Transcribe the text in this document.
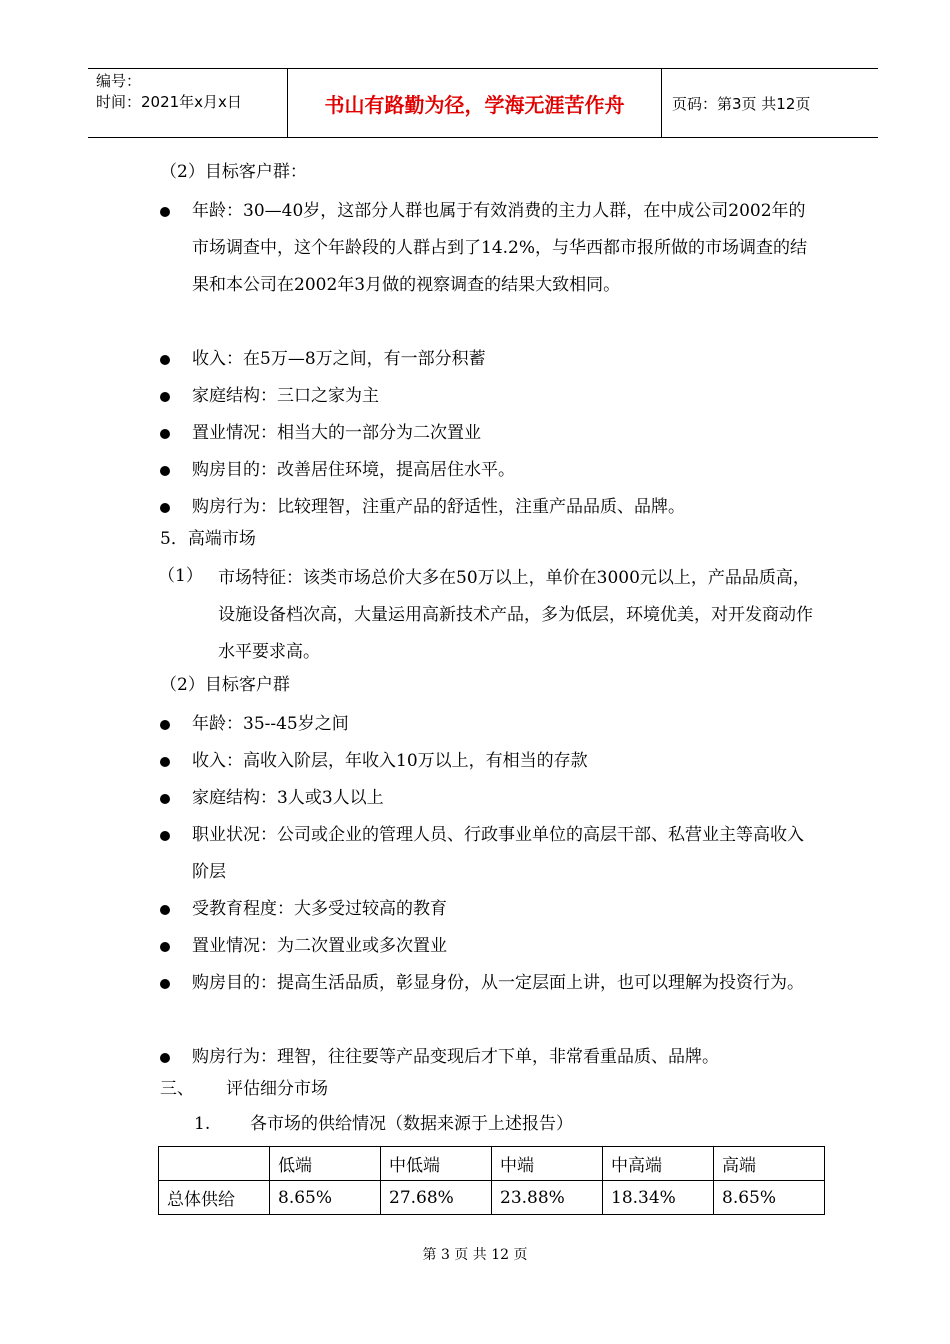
编号：
时间：2021年x月x日	书山有路勤为径，学海无涯苦作舟	页码：第3页 共12页
（2）目标客户群：
年龄：30—40岁，这部分人群也属于有效消费的主力人群，在中成公司2002年的市场调查中，这个年龄段的人群占到了14.2%，与华西都市报所做的市场调查的结果和本公司在2002年3月做的视察调查的结果大致相同。
收入：在5万—8万之间，有一部分积蓄
家庭结构：三口之家为主
置业情况：相当大的一部分为二次置业
购房目的：改善居住环境，提高居住水平。
购房行为：比较理智，注重产品的舒适性，注重产品品质、品牌。
5．高端市场
（1） 市场特征：该类市场总价大多在50万以上，单价在3000元以上，产品品质高，设施设备档次高，大量运用高新技术产品，多为低层，环境优美，对开发商动作水平要求高。
（2）目标客户群
年龄：35--45岁之间
收入：高收入阶层，年收入10万以上，有相当的存款
家庭结构：3人或3人以上
职业状况：公司或企业的管理人员、行政事业单位的高层干部、私营业主等高收入阶层
受教育程度：大多受过较高的教育
置业情况：为二次置业或多次置业
购房目的：提高生活品质，彰显身份，从一定层面上讲，也可以理解为投资行为。
购房行为：理智，往往要等产品变现后才下单，非常看重品质、品牌。
三、 评估细分市场
1. 各市场的供给情况（数据来源于上述报告）
	低端	中低端	中端	中高端	高端
总体供给	8.65%	27.68%	23.88%	18.34%	8.65%
第 3 页 共 12 页
